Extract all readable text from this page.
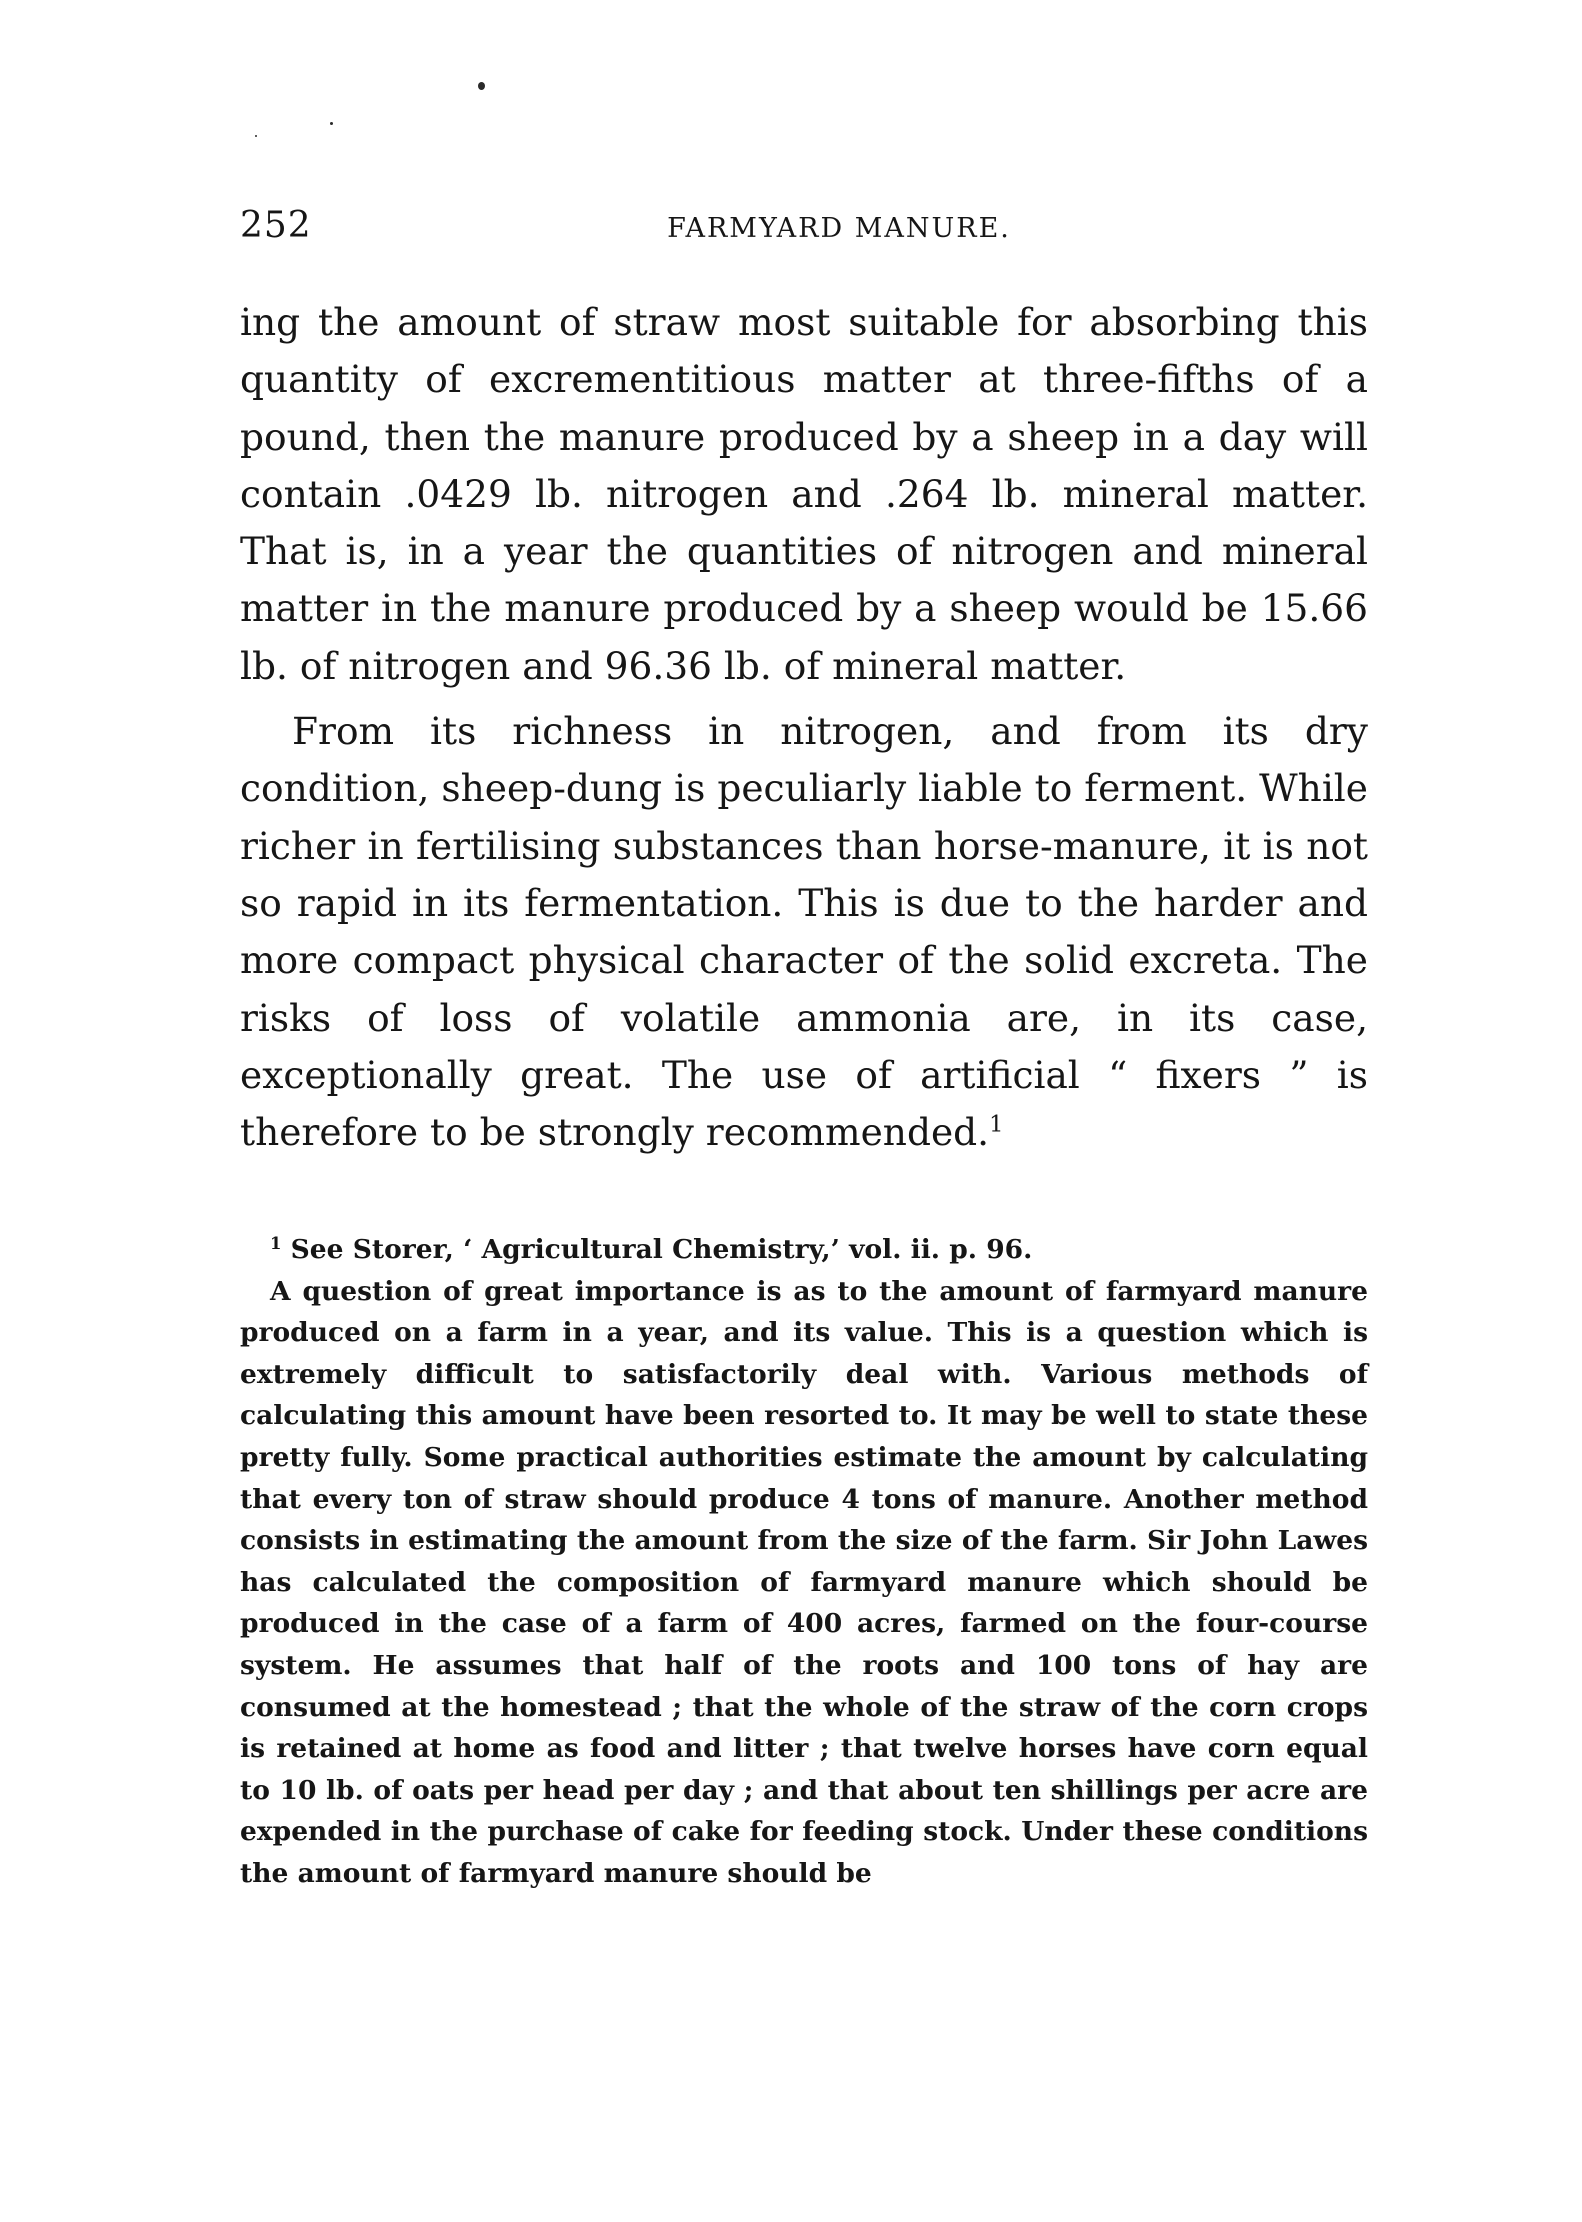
252	FARMYARD MANURE.

ing the amount of straw most suitable for absorbing this quantity of excrementitious matter at three-fifths of a pound, then the manure produced by a sheep in a day will contain .0429 lb. nitrogen and .264 lb. mineral matter. That is, in a year the quantities of nitrogen and mineral matter in the manure produced by a sheep would be 15.66 lb. of nitrogen and 96.36 lb. of mineral matter.

From its richness in nitrogen, and from its dry condition, sheep-dung is peculiarly liable to ferment. While richer in fertilising substances than horse-manure, it is not so rapid in its fermentation. This is due to the harder and more compact physical character of the solid excreta. The risks of loss of volatile ammonia are, in its case, exceptionally great. The use of artificial “ fixers ” is therefore to be strongly recommended.$^1$

$^1$ See Storer, ‘ Agricultural Chemistry,’ vol. ii. p. 96.

A question of great importance is as to the amount of farmyard manure produced on a farm in a year, and its value. This is a question which is extremely difficult to satisfactorily deal with. Various methods of calculating this amount have been resorted to. It may be well to state these pretty fully. Some practical authorities estimate the amount by calculating that every ton of straw should produce 4 tons of manure. Another method consists in estimating the amount from the size of the farm. Sir John Lawes has calculated the composition of farmyard manure which should be produced in the case of a farm of 400 acres, farmed on the four-course system. He assumes that half of the roots and 100 tons of hay are consumed at the homestead ; that the whole of the straw of the corn crops is retained at home as food and litter ; that twelve horses have corn equal to 10 lb. of oats per head per day ; and that about ten shillings per acre are expended in the purchase of cake for feeding stock. Under these conditions the amount of farmyard manure should be
